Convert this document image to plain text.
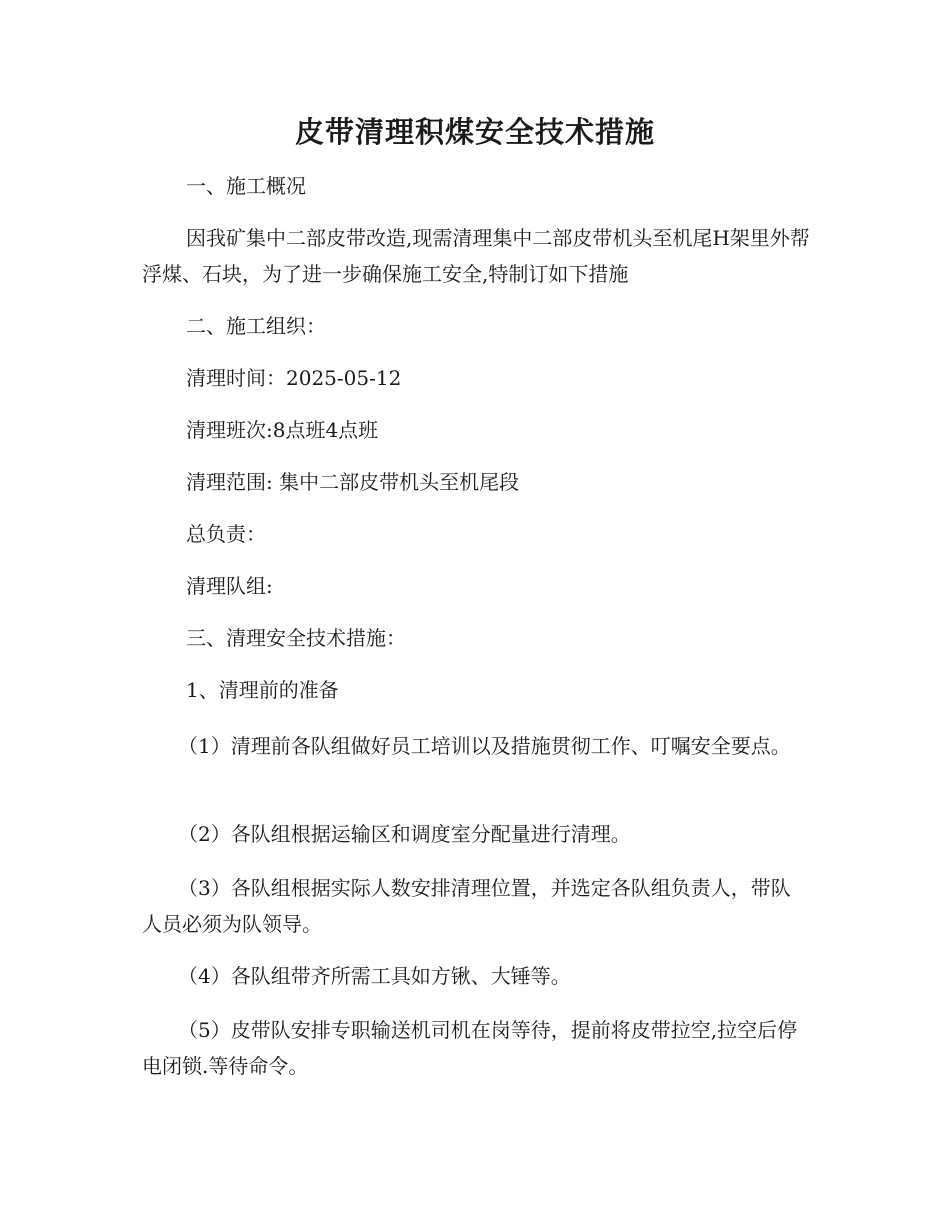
皮带清理积煤安全技术措施

一、施工概况

因我矿集中二部皮带改造,现需清理集中二部皮带机头至机尾H架里外帮浮煤、石块，为了进一步确保施工安全,特制订如下措施

二、施工组织：

清理时间：2025-05-12

清理班次:8点班4点班

清理范围: 集中二部皮带机头至机尾段

总负责：

清理队组:

三、清理安全技术措施：

1、清理前的准备

（1）清理前各队组做好员工培训以及措施贯彻工作、叮嘱安全要点。

（2）各队组根据运输区和调度室分配量进行清理。

（3）各队组根据实际人数安排清理位置，并选定各队组负责人，带队人员必须为队领导。

（4）各队组带齐所需工具如方锹、大锤等。

（5）皮带队安排专职输送机司机在岗等待，提前将皮带拉空,拉空后停电闭锁.等待命令。
